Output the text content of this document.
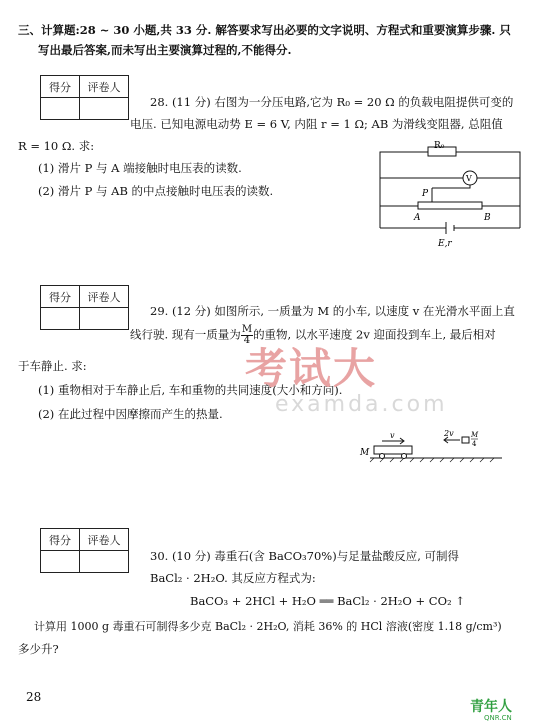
三、计算题:28 ~ 30 小题,共 33 分. 解答要求写出必要的文字说明、方程式和重要演算步骤. 只
写出最后答案,而未写出主要演算过程的,不能得分.
得分	评卷人

28. (11 分) 右图为一分压电路,它为 R₀ = 20 Ω 的负载电阻提供可变的
电压. 已知电源电动势 E = 6 V, 内阻 r = 1 Ω; AB 为滑线变阻器, 总阻值
R = 10 Ω. 求:
(1) 滑片 P 与 A 端接触时电压表的读数.
(2) 滑片 P 与 AB 的中点接触时电压表的读数.
R₀
V
P
A	B
E,r
得分	评卷人

29. (12 分) 如图所示, 一质量为 M 的小车, 以速度 v 在光滑水平面上直
线行驶. 现有一质量为 $\frac{M}{4}$ 的重物, 以水平速度 2v 迎面投到车上, 最后相对
于车静止. 求:
(1) 重物相对于车静止后, 车和重物的共同速度(大小和方向).
(2) 在此过程中因摩擦而产生的热量.
考试大
examda.com
M
v	2v M
4
得分	评卷人

30. (10 分) 毒重石(含 BaCO₃70%)与足量盐酸反应, 可制得
BaCl₂ · 2H₂O. 其反应方程式为:
BaCO₃ + 2HCl + H₂O ══ BaCl₂ · 2H₂O + CO₂ ↑
计算用 1000 g 毒重石可制得多少克 BaCl₂ · 2H₂O, 消耗 36% 的 HCl 溶液(密度 1.18 g/cm³)
多少升?
28
青年人
QNR.CN
